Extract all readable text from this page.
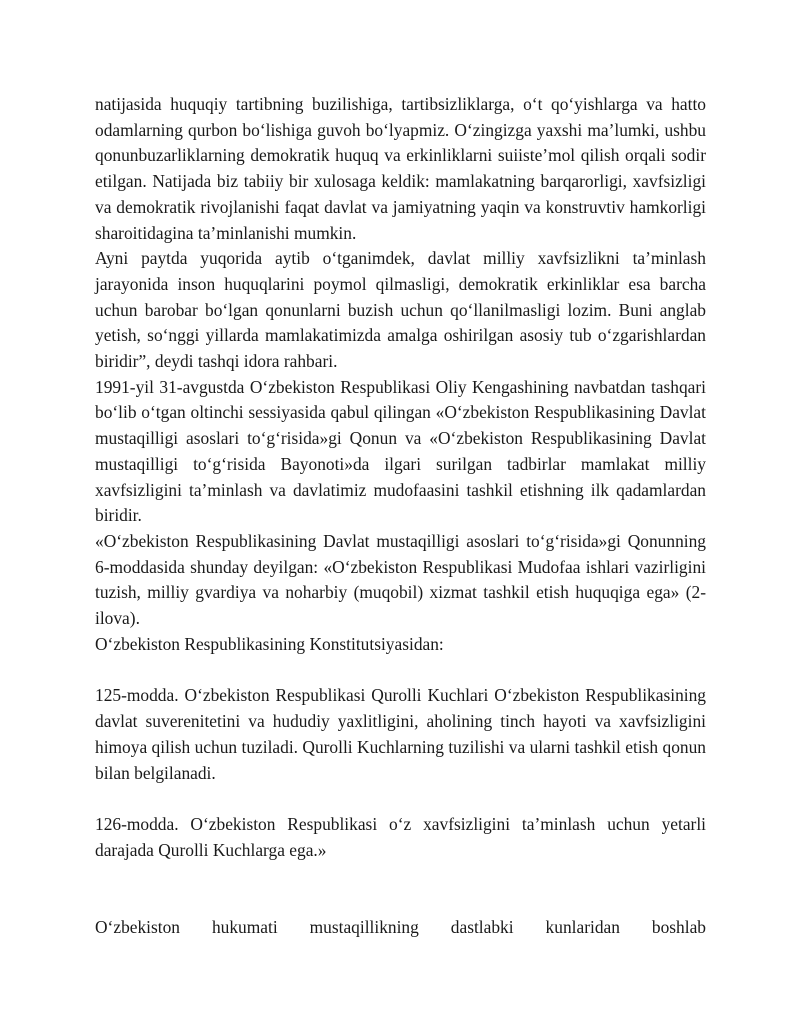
natijasida huquqiy tartibning buzilishiga, tartibsizliklarga, o‘t qo‘yishlarga va hatto odamlarning qurbon bo‘lishiga guvoh bo‘lyapmiz. O‘zingizga yaxshi ma’lumki, ushbu qonunbuzarliklarning demokratik huquq va erkinliklarni suiiste’mol qilish orqali sodir etilgan. Natijada biz tabiiy bir xulosaga keldik: mamlakatning barqarorligi, xavfsizligi va demokratik rivojlanishi faqat davlat va jamiyatning yaqin va konstruvtiv hamkorligi sharoitidagina ta’minlanishi mumkin.

Ayni paytda yuqorida aytib o‘tganimdek, davlat milliy xavfsizlikni ta’minlash jarayonida inson huquqlarini poymol qilmasligi, demokratik erkinliklar esa barcha uchun barobar bo‘lgan qonunlarni buzish uchun qo‘llanilmasligi lozim. Buni anglab yetish, so‘nggi yillarda mamlakatimizda amalga oshirilgan asosiy tub o‘zgarishlardan biridir”, deydi tashqi idora rahbari.

1991-yil 31-avgustda O‘zbekiston Respublikasi Oliy Kengashining navbatdan tashqari bo‘lib o‘tgan oltinchi sessiyasida qabul qilingan «O‘zbekiston Respublikasining Davlat mustaqilligi asoslari to‘g‘risida»gi Qonun va «O‘zbekiston Respublikasining Davlat mustaqilligi to‘g‘risida Bayonoti»da ilgari surilgan tadbirlar mamlakat milliy xavfsizligini ta’minlash va davlatimiz mudofaasini tashkil etishning ilk qadamlardan biridir.

«O‘zbekiston Respublikasining Davlat mustaqilligi asoslari to‘g‘risida»gi Qonunning 6-moddasida shunday deyilgan: «O‘zbekiston Respublikasi Mudofaa ishlari vazirligini tuzish, milliy gvardiya va noharbiy (muqobil) xizmat tashkil etish huquqiga ega» (2-ilova).

O‘zbekiston Respublikasining Konstitutsiyasidan:

125-modda. O‘zbekiston Respublikasi Qurolli Kuchlari O‘zbekiston Respublikasining davlat suverenitetini va hududiy yaxlitligini, aholining tinch hayoti va xavfsizligini himoya qilish uchun tuziladi. Qurolli Kuchlarning tuzilishi va ularni tashkil etish qonun bilan belgilanadi.

126-modda. O‘zbekiston Respublikasi o‘z xavfsizligini ta’minlash uchun yetarli darajada Qurolli Kuchlarga ega.»

O‘zbekiston hukumati mustaqillikning dastlabki kunlaridan boshlab
